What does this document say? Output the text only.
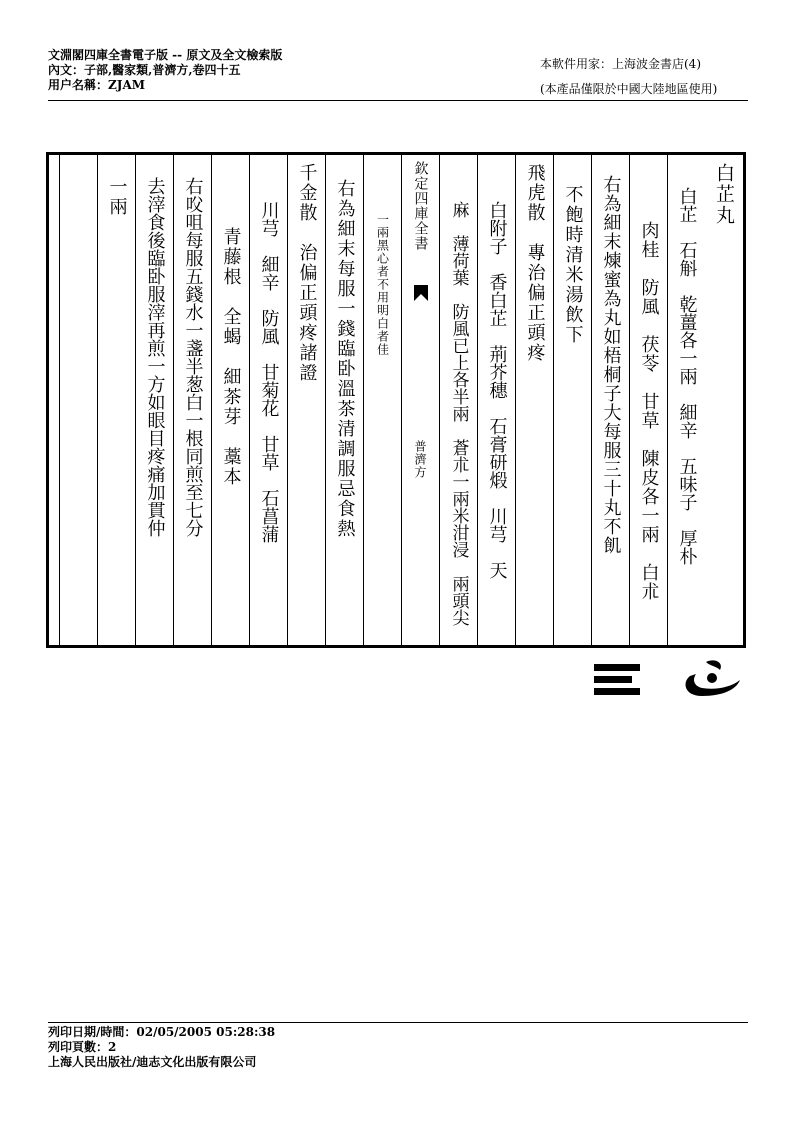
文淵閣四庫全書電子版 -- 原文及全文檢索版
內文：子部,醫家類,普濟方,卷四十五
用户名稱：ZJAM
本軟件用家：上海波金書店(4)
(本產品僅限於中國大陸地區使用)
白芷丸
白芷　石斛　乾薑各一兩　細辛　五味子　厚朴
肉桂　防風　茯苓　甘草　陳皮各一兩　白朮
右為細末煉蜜為丸如梧桐子大每服三十丸不飢
不飽時清米湯飲下
飛虎散　專治偏正頭疼
白附子　香白芷　荊芥穗　石膏研煅　川芎　天
麻　薄荷葉　防風已上各半兩　蒼朮一兩米泔浸　兩頭尖
欽定四庫全書
普濟方
一兩黑心者不用明白者佳
右為細末每服一錢臨卧溫茶清調服忌食熱
千金散　治偏正頭疼諸證
川芎　細辛　防風　甘菊花　甘草　石菖蒲
青藤根　全蝎　細茶芽　藁本
右㕮咀每服五錢水一盞半葱白一根同煎至七分
去滓食後臨卧服滓再煎一方如眼目疼痛加貫仲
一兩
列印日期/時間：02/05/2005 05:28:38
列印頁數：2
上海人民出版社/迪志文化出版有限公司
